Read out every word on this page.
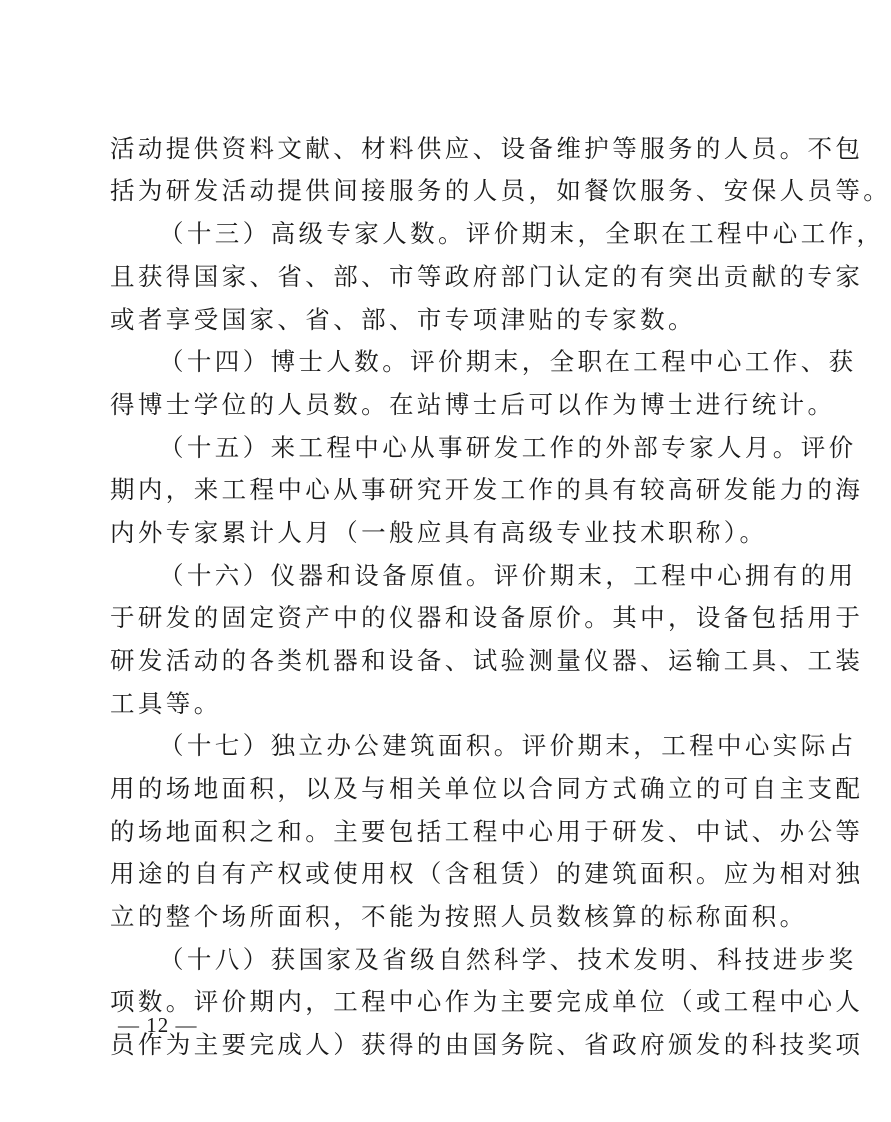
活动提供资料文献、材料供应、设备维护等服务的人员。不包
括为研发活动提供间接服务的人员，如餐饮服务、安保人员等。
（十三）高级专家人数。评价期末，全职在工程中心工作，
且获得国家、省、部、市等政府部门认定的有突出贡献的专家
或者享受国家、省、部、市专项津贴的专家数。
（十四）博士人数。评价期末，全职在工程中心工作、获
得博士学位的人员数。在站博士后可以作为博士进行统计。
（十五）来工程中心从事研发工作的外部专家人月。评价
期内，来工程中心从事研究开发工作的具有较高研发能力的海
内外专家累计人月（一般应具有高级专业技术职称）。
（十六）仪器和设备原值。评价期末，工程中心拥有的用
于研发的固定资产中的仪器和设备原价。其中，设备包括用于
研发活动的各类机器和设备、试验测量仪器、运输工具、工装
工具等。
（十七）独立办公建筑面积。评价期末，工程中心实际占
用的场地面积，以及与相关单位以合同方式确立的可自主支配
的场地面积之和。主要包括工程中心用于研发、中试、办公等
用途的自有产权或使用权（含租赁）的建筑面积。应为相对独
立的整个场所面积，不能为按照人员数核算的标称面积。
（十八）获国家及省级自然科学、技术发明、科技进步奖
项数。评价期内，工程中心作为主要完成单位（或工程中心人
员作为主要完成人）获得的由国务院、省政府颁发的科技奖项
— 12 —
